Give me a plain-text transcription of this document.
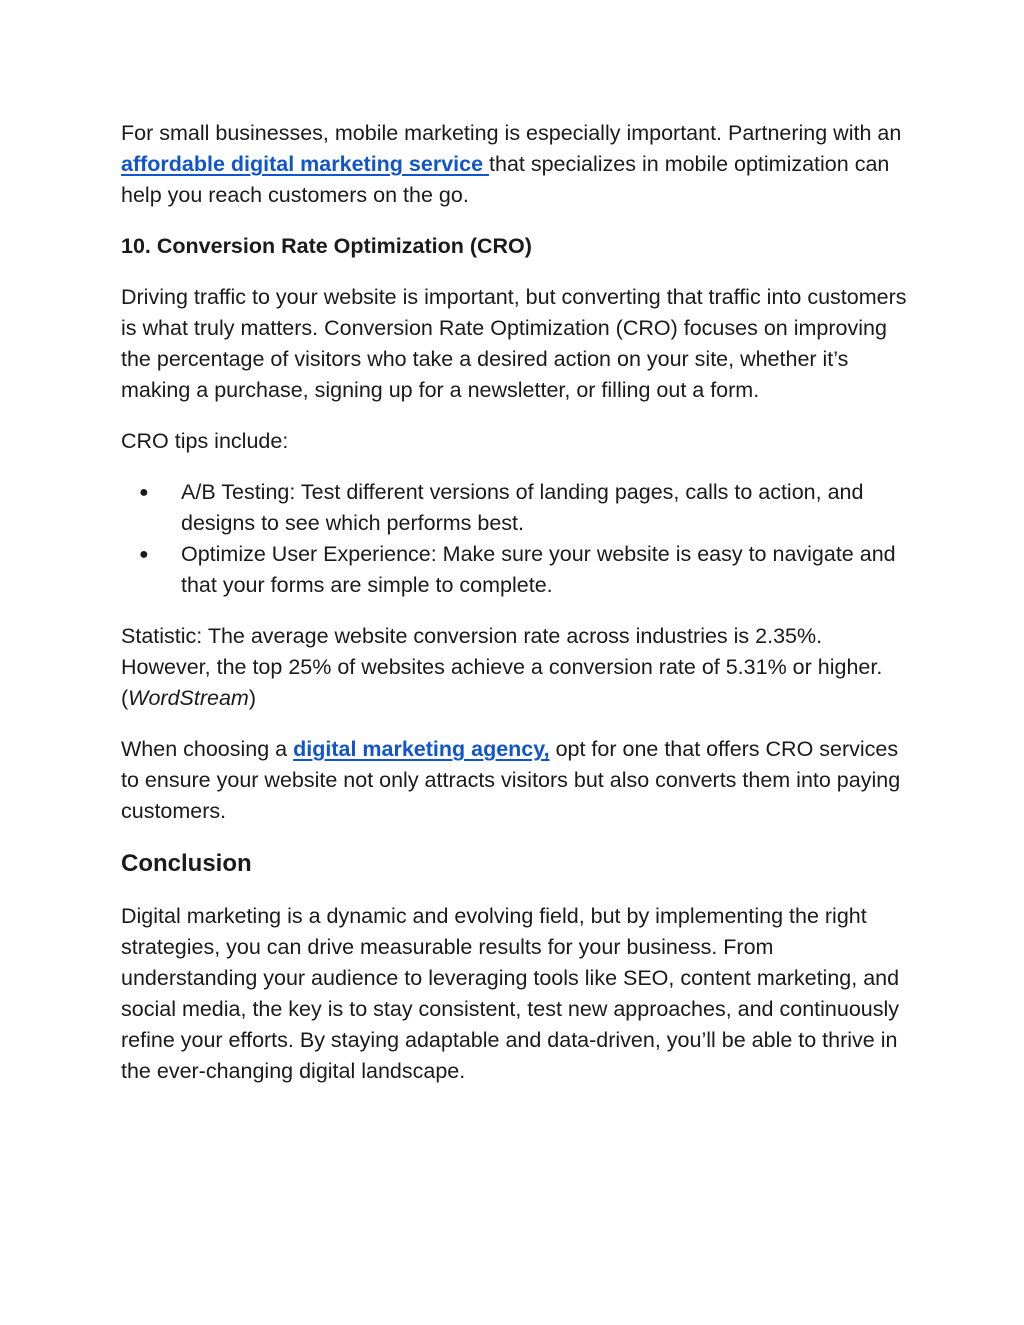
For small businesses, mobile marketing is especially important. Partnering with an affordable digital marketing service that specializes in mobile optimization can help you reach customers on the go.

10. Conversion Rate Optimization (CRO)

Driving traffic to your website is important, but converting that traffic into customers is what truly matters. Conversion Rate Optimization (CRO) focuses on improving the percentage of visitors who take a desired action on your site, whether it’s making a purchase, signing up for a newsletter, or filling out a form.

CRO tips include:

● A/B Testing: Test different versions of landing pages, calls to action, and designs to see which performs best.
● Optimize User Experience: Make sure your website is easy to navigate and that your forms are simple to complete.

Statistic: The average website conversion rate across industries is 2.35%. However, the top 25% of websites achieve a conversion rate of 5.31% or higher. (WordStream)

When choosing a digital marketing agency, opt for one that offers CRO services to ensure your website not only attracts visitors but also converts them into paying customers.

Conclusion

Digital marketing is a dynamic and evolving field, but by implementing the right strategies, you can drive measurable results for your business. From understanding your audience to leveraging tools like SEO, content marketing, and social media, the key is to stay consistent, test new approaches, and continuously refine your efforts. By staying adaptable and data-driven, you’ll be able to thrive in the ever-changing digital landscape.
